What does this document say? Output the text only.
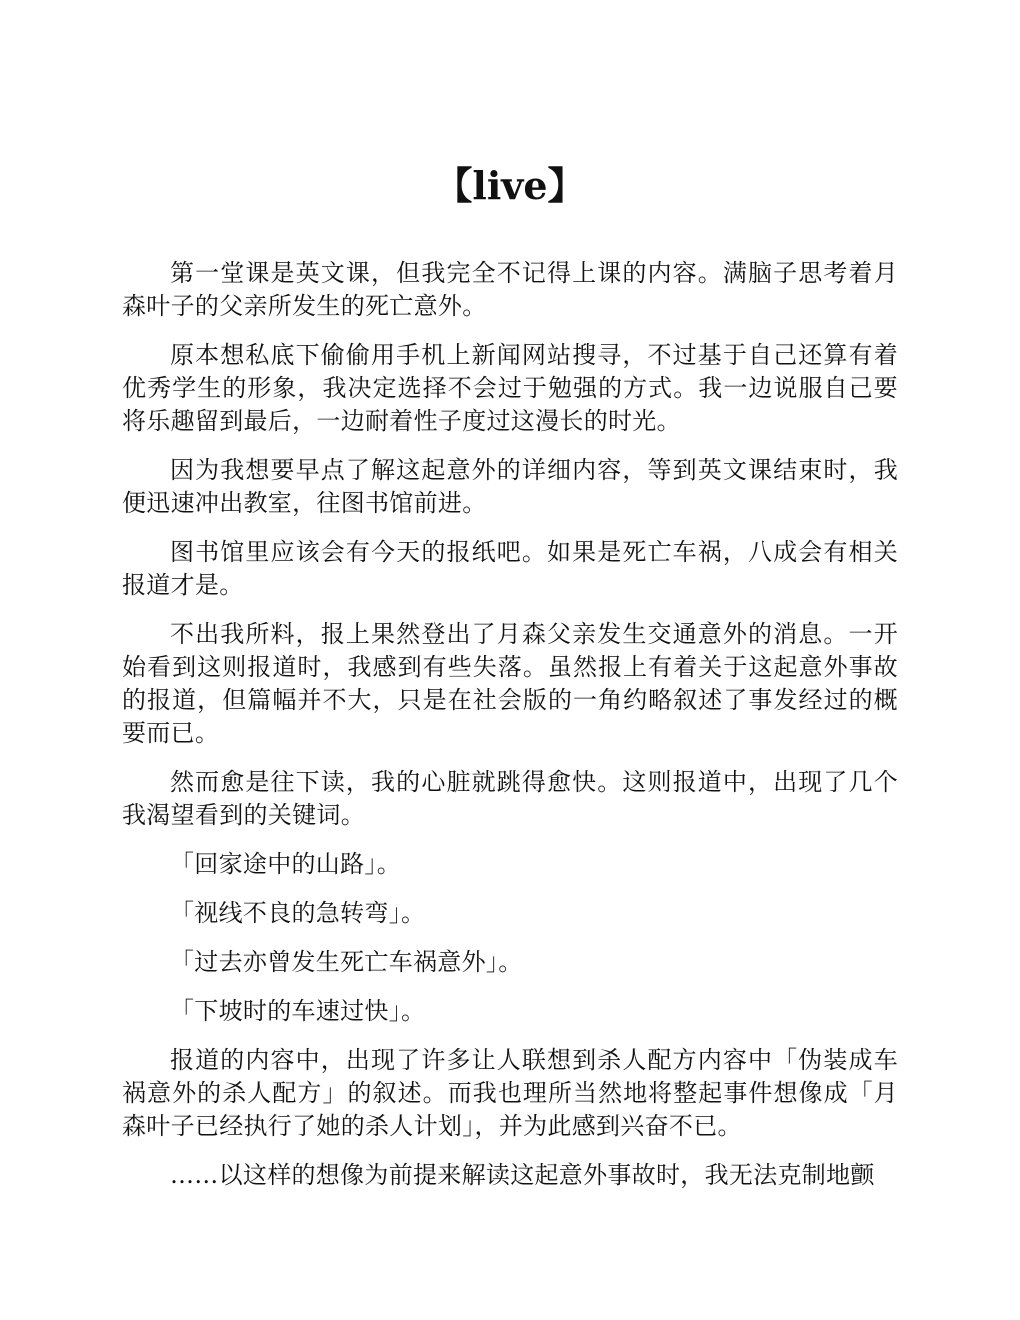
【live】

第一堂课是英文课，但我完全不记得上课的内容。满脑子思考着月森叶子的父亲所发生的死亡意外。

原本想私底下偷偷用手机上新闻网站搜寻，不过基于自己还算有着优秀学生的形象，我决定选择不会过于勉强的方式。我一边说服自己要将乐趣留到最后，一边耐着性子度过这漫长的时光。

因为我想要早点了解这起意外的详细内容，等到英文课结束时，我便迅速冲出教室，往图书馆前进。

图书馆里应该会有今天的报纸吧。如果是死亡车祸，八成会有相关报道才是。

不出我所料，报上果然登出了月森父亲发生交通意外的消息。一开始看到这则报道时，我感到有些失落。虽然报上有着关于这起意外事故的报道，但篇幅并不大，只是在社会版的一角约略叙述了事发经过的概要而已。

然而愈是往下读，我的心脏就跳得愈快。这则报道中，出现了几个我渴望看到的关键词。

「回家途中的山路」。

「视线不良的急转弯」。

「过去亦曾发生死亡车祸意外」。

「下坡时的车速过快」。

报道的内容中，出现了许多让人联想到杀人配方内容中「伪装成车祸意外的杀人配方」的叙述。而我也理所当然地将整起事件想像成「月森叶子已经执行了她的杀人计划」，并为此感到兴奋不已。

……以这样的想像为前提来解读这起意外事故时，我无法克制地颤
